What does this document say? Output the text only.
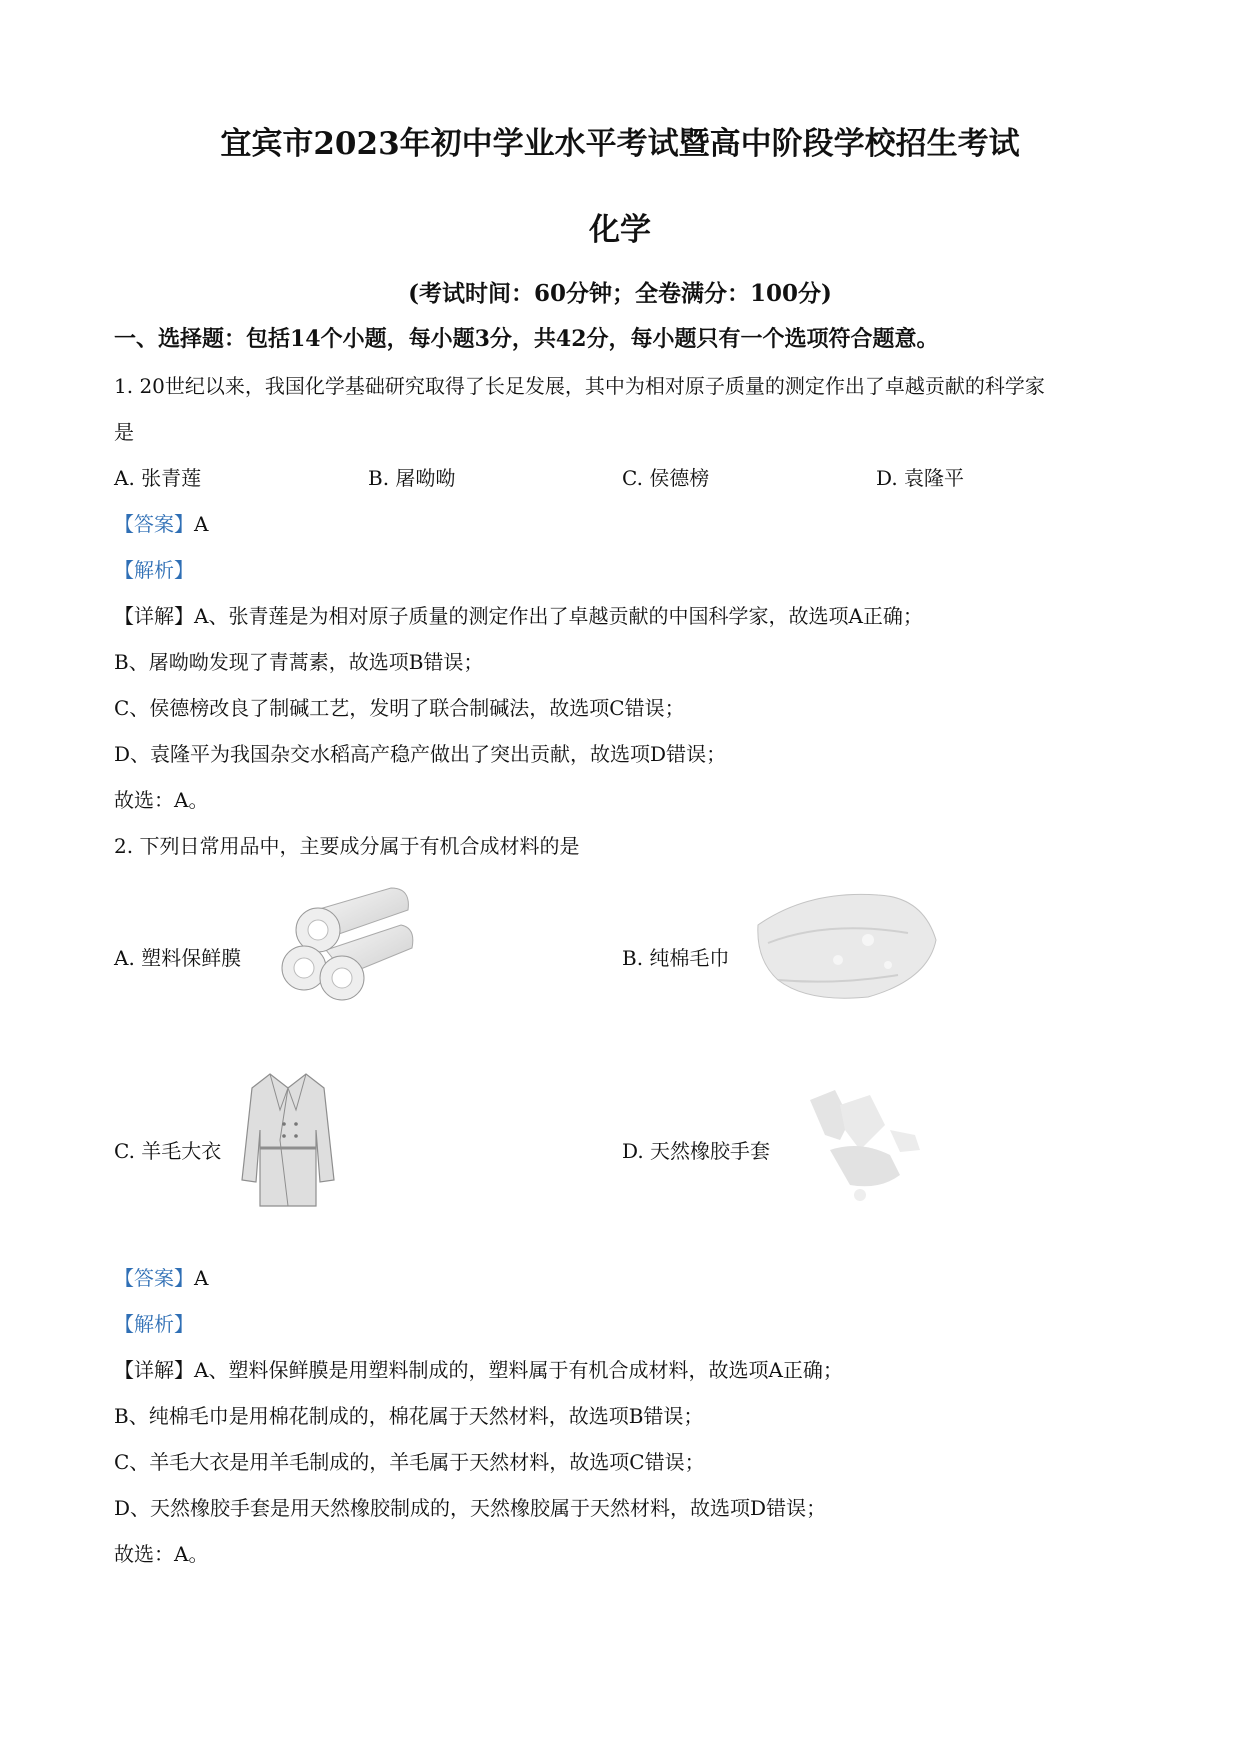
宜宾市2023年初中学业水平考试暨高中阶段学校招生考试
化学
(考试时间：60分钟；全卷满分：100分)
一、选择题：包括14个小题，每小题3分，共42分，每小题只有一个选项符合题意。
1. 20世纪以来，我国化学基础研究取得了长足发展，其中为相对原子质量的测定作出了卓越贡献的科学家
是
A. 张青莲	B. 屠呦呦	C. 侯德榜	D. 袁隆平
【答案】A
【解析】
【详解】A、张青莲是为相对原子质量的测定作出了卓越贡献的中国科学家，故选项A正确；
B、屠呦呦发现了青蒿素，故选项B错误；
C、侯德榜改良了制碱工艺，发明了联合制碱法，故选项C错误；
D、袁隆平为我国杂交水稻高产稳产做出了突出贡献，故选项D错误；
故选：A。
2. 下列日常用品中，主要成分属于有机合成材料的是
A. 塑料保鲜膜	B. 纯棉毛巾
C. 羊毛大衣	D. 天然橡胶手套
【答案】A
【解析】
【详解】A、塑料保鲜膜是用塑料制成的，塑料属于有机合成材料，故选项A正确；
B、纯棉毛巾是用棉花制成的，棉花属于天然材料，故选项B错误；
C、羊毛大衣是用羊毛制成的，羊毛属于天然材料，故选项C错误；
D、天然橡胶手套是用天然橡胶制成的，天然橡胶属于天然材料，故选项D错误；
故选：A。
